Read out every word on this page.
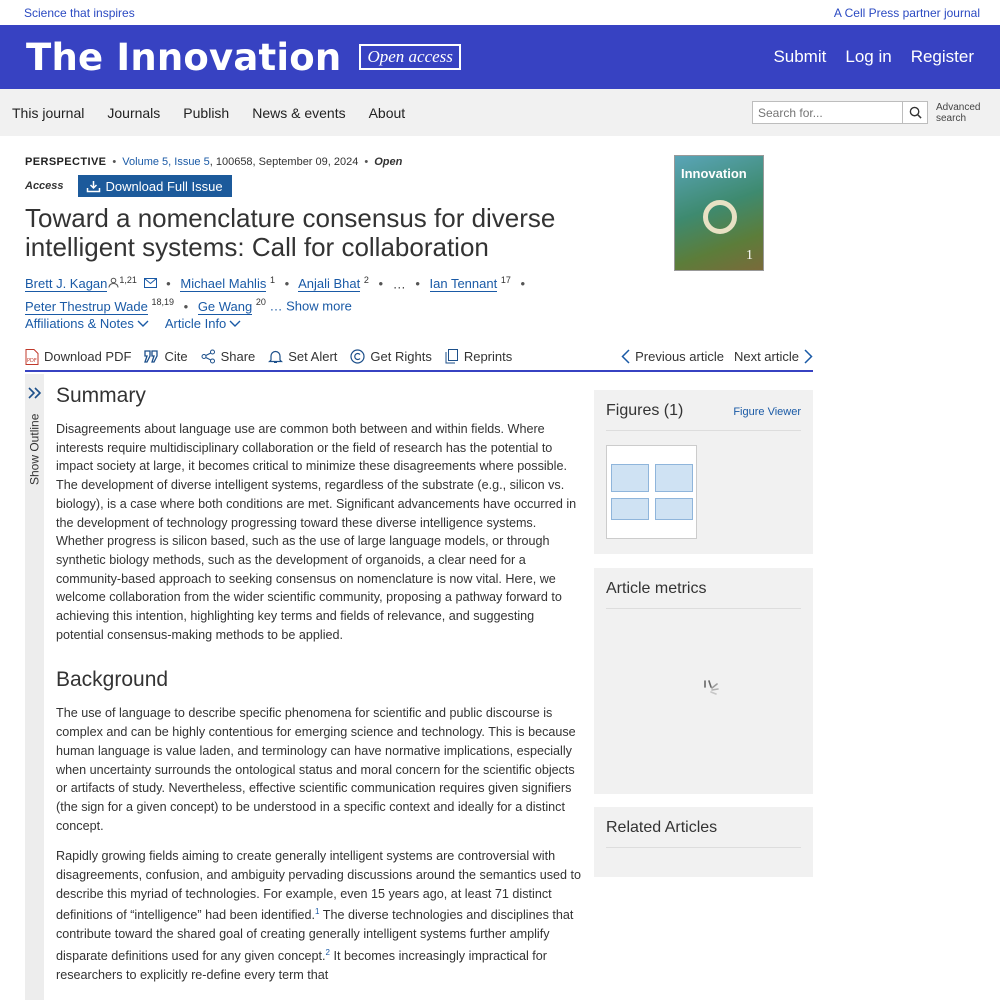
Science that inspires	A Cell Press partner journal
The Innovation	Open access	Submit Log in Register
This journal Journals Publish News & events About
Search for...	Advanced search
PERSPECTIVE • Volume 5, Issue 5, 100658, September 09, 2024 • Open
Access	Download Full Issue
Innovation
1
Toward a nomenclature consensus for diverse intelligent systems: Call for collaboration
Brett J. Kagan $^{1,21}$ • Michael Mahlis $^1$ • Anjali Bhat $^2$ • … • Ian Tennant $^{17}$ •
Peter Thestrup Wade $^{18,19}$ • Ge Wang $^{20}$ … Show more
Affiliations & Notes Article Info
PDF Download PDF	Cite	Share	Set Alert	Get Rights Reprints	Previous article Next article
Show Outline
Summary

Disagreements about language use are common both between and within fields. Where interests require multidisciplinary collaboration or the field of research has the potential to impact society at large, it becomes critical to minimize these disagreements where possible. The development of diverse intelligent systems, regardless of the substrate (e.g., silicon vs. biology), is a case where both conditions are met. Significant advancements have occurred in the development of technology progressing toward these diverse intelligence systems. Whether progress is silicon based, such as the use of large language models, or through synthetic biology methods, such as the development of organoids, a clear need for a community-based approach to seeking consensus on nomenclature is now vital. Here, we welcome collaboration from the wider scientific community, proposing a pathway forward to achieving this intention, highlighting key terms and fields of relevance, and suggesting potential consensus-making methods to be applied.

Background

The use of language to describe specific phenomena for scientific and public discourse is complex and can be highly contentious for emerging science and technology. This is because human language is value laden, and terminology can have normative implications, especially when uncertainty surrounds the ontological status and moral concern for the scientific objects or artifacts of study. Nevertheless, effective scientific communication requires given signifiers (the sign for a given concept) to be understood in a specific context and ideally for a distinct concept.

Rapidly growing fields aiming to create generally intelligent systems are controversial with disagreements, confusion, and ambiguity pervading discussions around the semantics used to describe this myriad of technologies. For example, even 15 years ago, at least 71 distinct definitions of “intelligence” had been identified.$^1$ The diverse technologies and disciplines that contribute toward the shared goal of creating generally intelligent systems further amplify disparate definitions used for any given concept.$^2$ It becomes increasingly impractical for researchers to explicitly re-define every term that

Figures (1)	Figure Viewer
Article metrics
Related Articles
